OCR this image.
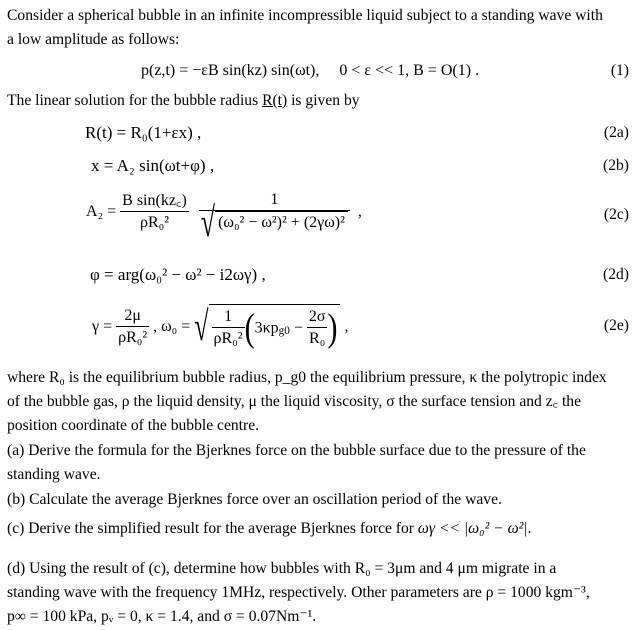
Consider a spherical bubble in an infinite incompressible liquid subject to a standing wave with
a low amplitude as follows:
p(z,t) = −εB sin(kz) sin(ωt), 0 < ε << 1, B = O(1) .	(1)
The linear solution for the bubble radius R(t) is given by
R(t) = R₀(1+εx) ,	(2a)
x = A₂ sin(ωt+φ) ,	(2b)
$A_2 = \frac{\text{B sin(kz꜀)}}{\text{ρR₀²}}$
$\frac{1}{\text{√ (ω₀² − ω²)² + (2γω)²}}$ ,	(2c)
φ = arg(ω₀² − ω² − i2ωγ) ,	(2d)
$\gamma = \frac{2\mu}{\text{ρR₀²}}$ , ω₀ = √ $\frac{1}{\text{ρR₀²}} (3\kappa p_{g0} - \frac{2\sigma}{\text{R₀}}$ ) ,	(2e)
where R₀ is the equilibrium bubble radius, p_g0 the equilibrium pressure, κ the polytropic index
of the bubble gas, ρ the liquid density, μ the liquid viscosity, σ the surface tension and z꜀ the
position coordinate of the bubble centre.
(a) Derive the formula for the Bjerknes force on the bubble surface due to the pressure of the
standing wave.
(b) Calculate the average Bjerknes force over an oscillation period of the wave.
(c) Derive the simplified result for the average Bjerknes force for ωγ << |ω₀² − ω²|.
(d) Using the result of (c), determine how bubbles with R₀ = 3μm and 4 μm migrate in a
standing wave with the frequency 1MHz, respectively. Other parameters are ρ = 1000 kgm⁻³,
p∞ = 100 kPa, pᵥ = 0, κ = 1.4, and σ = 0.07Nm⁻¹.
